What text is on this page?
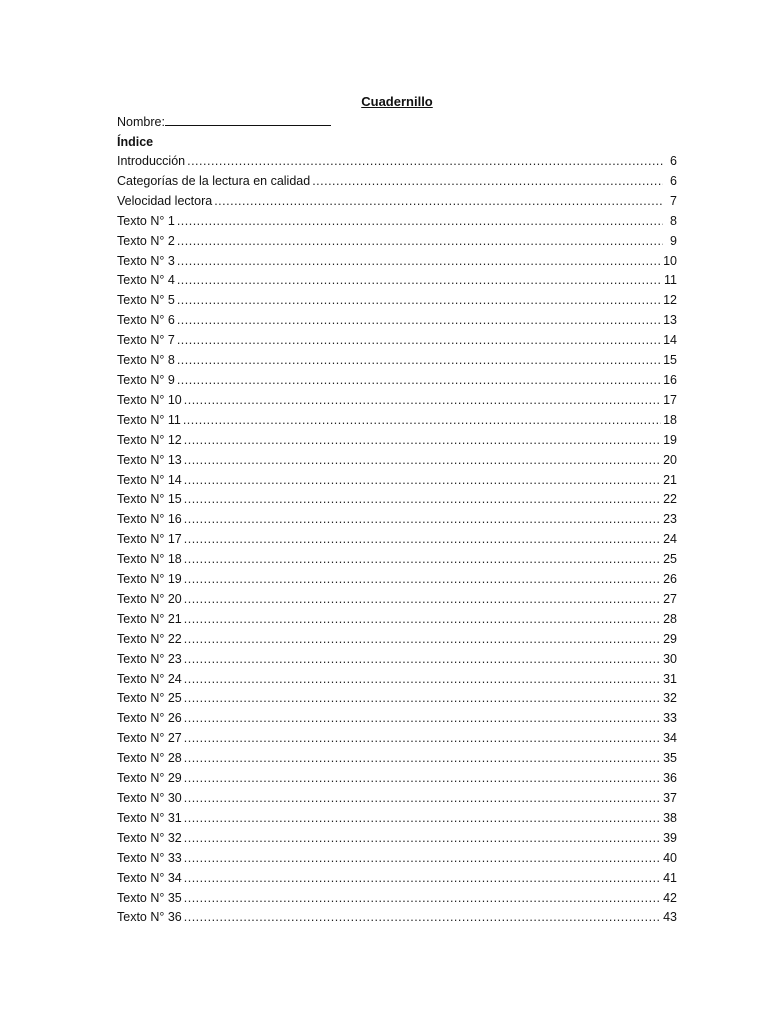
Cuadernillo
Nombre:
Índice
Introducción .....	6
Categorías de la lectura en calidad .....	6
Velocidad lectora .....	7
Texto N° 1 .....	8
Texto N° 2 .....	9
Texto N° 3 .....	10
Texto N° 4 .....	11
Texto N° 5 .....	12
Texto N° 6 .....	13
Texto N° 7 .....	14
Texto N° 8 .....	15
Texto N° 9 .....	16
Texto N° 10 .....	17
Texto N° 11 .....	18
Texto N° 12 .....	19
Texto N° 13 .....	20
Texto N° 14 .....	21
Texto N° 15 .....	22
Texto N° 16 .....	23
Texto N° 17 .....	24
Texto N° 18 .....	25
Texto N° 19 .....	26
Texto N° 20 .....	27
Texto N° 21 .....	28
Texto N° 22 .....	29
Texto N° 23 .....	30
Texto N° 24 .....	31
Texto N° 25 .....	32
Texto N° 26 .....	33
Texto N° 27 .....	34
Texto N° 28 .....	35
Texto N° 29 .....	36
Texto N° 30 .....	37
Texto N° 31 .....	38
Texto N° 32 .....	39
Texto N° 33 .....	40
Texto N° 34 .....	41
Texto N° 35 .....	42
Texto N° 36 .....	43
